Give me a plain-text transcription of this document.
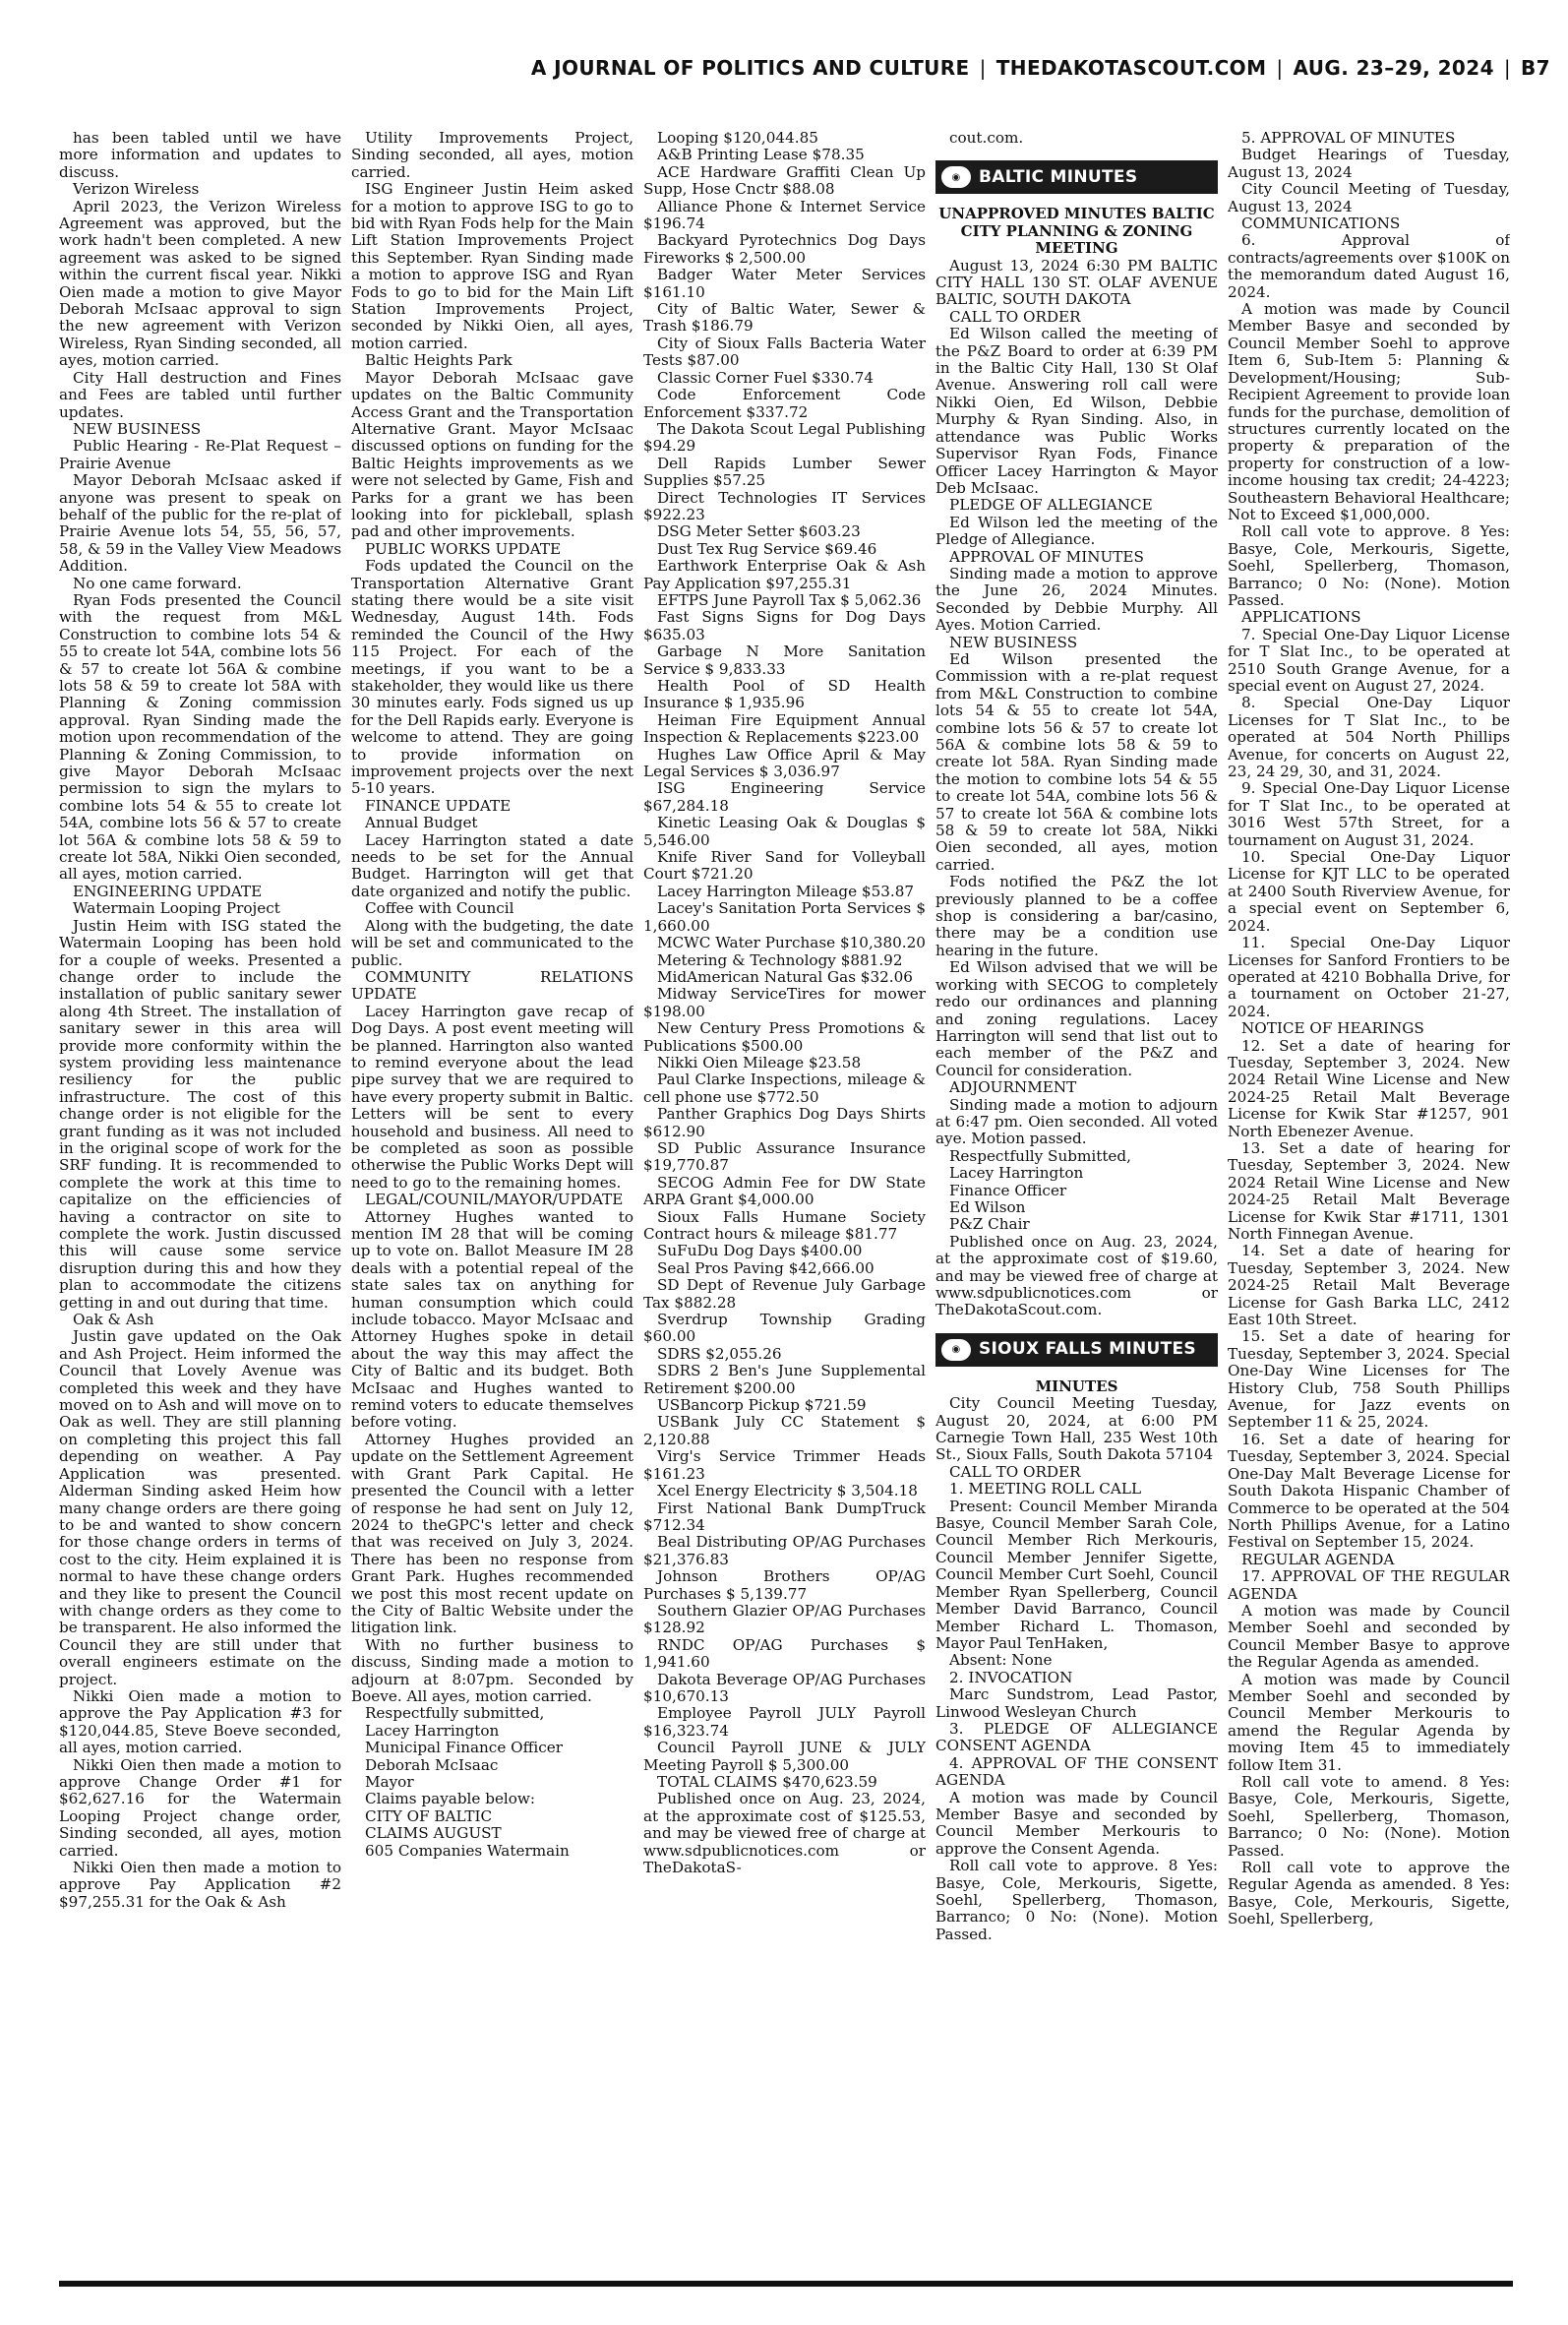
A JOURNAL OF POLITICS AND CULTURE | THEDAKOTASCOUT.COM | AUG. 23–29, 2024 | B7

has been tabled until we have more information and updates to discuss.

Verizon Wireless

April 2023, the Verizon Wireless Agreement was approved, but the work hadn't been completed. A new agreement was asked to be signed within the current fiscal year. Nikki Oien made a motion to give Mayor Deborah McIsaac approval to sign the new agreement with Verizon Wireless, Ryan Sinding seconded, all ayes, motion carried.

City Hall destruction and Fines and Fees are tabled until further updates.

NEW BUSINESS

Public Hearing - Re-Plat Request – Prairie Avenue

Mayor Deborah McIsaac asked if anyone was present to speak on behalf of the public for the re-plat of Prairie Avenue lots 54, 55, 56, 57, 58, & 59 in the Valley View Meadows Addition.

No one came forward.

Ryan Fods presented the Council with the request from M&L Construction to combine lots 54 & 55 to create lot 54A, combine lots 56 & 57 to create lot 56A & combine lots 58 & 59 to create lot 58A with Planning & Zoning commission approval. Ryan Sinding made the motion upon recommendation of the Planning & Zoning Commission, to give Mayor Deborah McIsaac permission to sign the mylars to combine lots 54 & 55 to create lot 54A, combine lots 56 & 57 to create lot 56A & combine lots 58 & 59 to create lot 58A, Nikki Oien seconded, all ayes, motion carried.

ENGINEERING UPDATE

Watermain Looping Project

Justin Heim with ISG stated the Watermain Looping has been hold for a couple of weeks. Presented a change order to include the installation of public sanitary sewer along 4th Street. The installation of sanitary sewer in this area will provide more conformity within the system providing less maintenance resiliency for the public infrastructure. The cost of this change order is not eligible for the grant funding as it was not included in the original scope of work for the SRF funding. It is recommended to complete the work at this time to capitalize on the efficiencies of having a contractor on site to complete the work. Justin discussed this will cause some service disruption during this and how they plan to accommodate the citizens getting in and out during that time.

Oak & Ash

Justin gave updated on the Oak and Ash Project. Heim informed the Council that Lovely Avenue was completed this week and they have moved on to Ash and will move on to Oak as well. They are still planning on completing this project this fall depending on weather. A Pay Application was presented. Alderman Sinding asked Heim how many change orders are there going to be and wanted to show concern for those change orders in terms of cost to the city. Heim explained it is normal to have these change orders and they like to present the Council with change orders as they come to be transparent. He also informed the Council they are still under that overall engineers estimate on the project.

Nikki Oien made a motion to approve the Pay Application #3 for $120,044.85, Steve Boeve seconded, all ayes, motion carried.

Nikki Oien then made a motion to approve Change Order #1 for $62,627.16 for the Watermain Looping Project change order, Sinding seconded, all ayes, motion carried.

Nikki Oien then made a motion to approve Pay Application #2 $97,255.31 for the Oak & Ash

Utility Improvements Project, Sinding seconded, all ayes, motion carried.

ISG Engineer Justin Heim asked for a motion to approve ISG to go to bid with Ryan Fods help for the Main Lift Station Improvements Project this September. Ryan Sinding made a motion to approve ISG and Ryan Fods to go to bid for the Main Lift Station Improvements Project, seconded by Nikki Oien, all ayes, motion carried.

Baltic Heights Park

Mayor Deborah McIsaac gave updates on the Baltic Community Access Grant and the Transportation Alternative Grant. Mayor McIsaac discussed options on funding for the Baltic Heights improvements as we were not selected by Game, Fish and Parks for a grant we has been looking into for pickleball, splash pad and other improvements.

PUBLIC WORKS UPDATE

Fods updated the Council on the Transportation Alternative Grant stating there would be a site visit Wednesday, August 14th. Fods reminded the Council of the Hwy 115 Project. For each of the meetings, if you want to be a stakeholder, they would like us there 30 minutes early. Fods signed us up for the Dell Rapids early. Everyone is welcome to attend. They are going to provide information on improvement projects over the next 5-10 years.

FINANCE UPDATE

Annual Budget

Lacey Harrington stated a date needs to be set for the Annual Budget. Harrington will get that date organized and notify the public.

Coffee with Council

Along with the budgeting, the date will be set and communicated to the public.

COMMUNITY RELATIONS UPDATE

Lacey Harrington gave recap of Dog Days. A post event meeting will be planned. Harrington also wanted to remind everyone about the lead pipe survey that we are required to have every property submit in Baltic. Letters will be sent to every household and business. All need to be completed as soon as possible otherwise the Public Works Dept will need to go to the remaining homes.

LEGAL/COUNIL/MAYOR/UPDATE

Attorney Hughes wanted to mention IM 28 that will be coming up to vote on. Ballot Measure IM 28 deals with a potential repeal of the state sales tax on anything for human consumption which could include tobacco. Mayor McIsaac and Attorney Hughes spoke in detail about the way this may affect the City of Baltic and its budget. Both McIsaac and Hughes wanted to remind voters to educate themselves before voting.

Attorney Hughes provided an update on the Settlement Agreement with Grant Park Capital. He presented the Council with a letter of response he had sent on July 12, 2024 to theGPC's letter and check that was received on July 3, 2024. There has been no response from Grant Park. Hughes recommended we post this most recent update on the City of Baltic Website under the litigation link.

With no further business to discuss, Sinding made a motion to adjourn at 8:07pm. Seconded by Boeve. All ayes, motion carried.

Respectfully submitted,

Lacey Harrington

Municipal Finance Officer

Deborah McIsaac

Mayor

Claims payable below:

CITY OF BALTIC

CLAIMS AUGUST

605 Companies Watermain

Looping $120,044.85

A&B Printing Lease $78.35

ACE Hardware Graffiti Clean Up Supp, Hose Cnctr $88.08

Alliance Phone & Internet Service $196.74

Backyard Pyrotechnics Dog Days Fireworks $ 2,500.00

Badger Water Meter Services $161.10

City of Baltic Water, Sewer & Trash $186.79

City of Sioux Falls Bacteria Water Tests $87.00

Classic Corner Fuel $330.74

Code Enforcement Code Enforcement $337.72

The Dakota Scout Legal Publishing $94.29

Dell Rapids Lumber Sewer Supplies $57.25

Direct Technologies IT Services $922.23

DSG Meter Setter $603.23

Dust Tex Rug Service $69.46

Earthwork Enterprise Oak & Ash Pay Application $97,255.31

EFTPS June Payroll Tax $ 5,062.36

Fast Signs Signs for Dog Days $635.03

Garbage N More Sanitation Service $ 9,833.33

Health Pool of SD Health Insurance $ 1,935.96

Heiman Fire Equipment Annual Inspection & Replacements $223.00

Hughes Law Office April & May Legal Services $ 3,036.97

ISG Engineering Service $67,284.18

Kinetic Leasing Oak & Douglas $ 5,546.00

Knife River Sand for Volleyball Court $721.20

Lacey Harrington Mileage $53.87

Lacey's Sanitation Porta Services $ 1,660.00

MCWC Water Purchase $10,380.20

Metering & Technology $881.92

MidAmerican Natural Gas $32.06

Midway ServiceTires for mower $198.00

New Century Press Promotions & Publications $500.00

Nikki Oien Mileage $23.58

Paul Clarke Inspections, mileage & cell phone use $772.50

Panther Graphics Dog Days Shirts $612.90

SD Public Assurance Insurance $19,770.87

SECOG Admin Fee for DW State ARPA Grant $4,000.00

Sioux Falls Humane Society Contract hours & mileage $81.77

SuFuDu Dog Days $400.00

Seal Pros Paving $42,666.00

SD Dept of Revenue July Garbage Tax $882.28

Sverdrup Township Grading $60.00

SDRS $2,055.26

SDRS 2 Ben's June Supplemental Retirement $200.00

USBancorp Pickup $721.59

USBank July CC Statement $ 2,120.88

Virg's Service Trimmer Heads $161.23

Xcel Energy Electricity $ 3,504.18

First National Bank DumpTruck $712.34

Beal Distributing OP/AG Purchases $21,376.83

Johnson Brothers OP/AG Purchases $ 5,139.77

Southern Glazier OP/AG Purchases $128.92

RNDC OP/AG Purchases $ 1,941.60

Dakota Beverage OP/AG Purchases $10,670.13

Employee Payroll JULY Payroll $16,323.74

Council Payroll JUNE & JULY Meeting Payroll $ 5,300.00

TOTAL CLAIMS $470,623.59

Published once on Aug. 23, 2024, at the approximate cost of $125.53, and may be viewed free of charge at www.sdpublicnotices.com or TheDakotaS-

cout.com.

◉	BALTIC MINUTES

UNAPPROVED MINUTES BALTIC CITY PLANNING & ZONING MEETING

August 13, 2024 6:30 PM BALTIC CITY HALL 130 ST. OLAF AVENUE BALTIC, SOUTH DAKOTA

CALL TO ORDER

Ed Wilson called the meeting of the P&Z Board to order at 6:39 PM in the Baltic City Hall, 130 St Olaf Avenue. Answering roll call were Nikki Oien, Ed Wilson, Debbie Murphy & Ryan Sinding. Also, in attendance was Public Works Supervisor Ryan Fods, Finance Officer Lacey Harrington & Mayor Deb McIsaac.

PLEDGE OF ALLEGIANCE

Ed Wilson led the meeting of the Pledge of Allegiance.

APPROVAL OF MINUTES

Sinding made a motion to approve the June 26, 2024 Minutes. Seconded by Debbie Murphy. All Ayes. Motion Carried.

NEW BUSINESS

Ed Wilson presented the Commission with a re-plat request from M&L Construction to combine lots 54 & 55 to create lot 54A, combine lots 56 & 57 to create lot 56A & combine lots 58 & 59 to create lot 58A. Ryan Sinding made the motion to combine lots 54 & 55 to create lot 54A, combine lots 56 & 57 to create lot 56A & combine lots 58 & 59 to create lot 58A, Nikki Oien seconded, all ayes, motion carried.

Fods notified the P&Z the lot previously planned to be a coffee shop is considering a bar/casino, there may be a condition use hearing in the future.

Ed Wilson advised that we will be working with SECOG to completely redo our ordinances and planning and zoning regulations. Lacey Harrington will send that list out to each member of the P&Z and Council for consideration.

ADJOURNMENT

Sinding made a motion to adjourn at 6:47 pm. Oien seconded. All voted aye. Motion passed.

Respectfully Submitted,

Lacey Harrington

Finance Officer

Ed Wilson

P&Z Chair

Published once on Aug. 23, 2024, at the approximate cost of $19.60, and may be viewed free of charge at www.sdpublicnotices.com or TheDakotaScout.com.

◉	SIOUX FALLS MINUTES

MINUTES

City Council Meeting Tuesday, August 20, 2024, at 6:00 PM Carnegie Town Hall, 235 West 10th St., Sioux Falls, South Dakota 57104

CALL TO ORDER

1. MEETING ROLL CALL

Present: Council Member Miranda Basye, Council Member Sarah Cole, Council Member Rich Merkouris, Council Member Jennifer Sigette, Council Member Curt Soehl, Council Member Ryan Spellerberg, Council Member David Barranco, Council Member Richard L. Thomason, Mayor Paul TenHaken,

Absent: None

2. INVOCATION

Marc Sundstrom, Lead Pastor, Linwood Wesleyan Church

3. PLEDGE OF ALLEGIANCE CONSENT AGENDA

4. APPROVAL OF THE CONSENT AGENDA

A motion was made by Council Member Basye and seconded by Council Member Merkouris to approve the Consent Agenda.

Roll call vote to approve. 8 Yes: Basye, Cole, Merkouris, Sigette, Soehl, Spellerberg, Thomason, Barranco; 0 No: (None). Motion Passed.

5. APPROVAL OF MINUTES

Budget Hearings of Tuesday, August 13, 2024

City Council Meeting of Tuesday, August 13, 2024

COMMUNICATIONS

6. Approval of contracts/agreements over $100K on the memorandum dated August 16, 2024.

A motion was made by Council Member Basye and seconded by Council Member Soehl to approve Item 6, Sub-Item 5: Planning & Development/Housing; Sub-Recipient Agreement to provide loan funds for the purchase, demolition of structures currently located on the property & preparation of the property for construction of a low-income housing tax credit; 24-4223; Southeastern Behavioral Healthcare; Not to Exceed $1,000,000.

Roll call vote to approve. 8 Yes: Basye, Cole, Merkouris, Sigette, Soehl, Spellerberg, Thomason, Barranco; 0 No: (None). Motion Passed.

APPLICATIONS

7. Special One-Day Liquor License for T Slat Inc., to be operated at 2510 South Grange Avenue, for a special event on August 27, 2024.

8. Special One-Day Liquor Licenses for T Slat Inc., to be operated at 504 North Phillips Avenue, for concerts on August 22, 23, 24 29, 30, and 31, 2024.

9. Special One-Day Liquor License for T Slat Inc., to be operated at 3016 West 57th Street, for a tournament on August 31, 2024.

10. Special One-Day Liquor License for KJT LLC to be operated at 2400 South Riverview Avenue, for a special event on September 6, 2024.

11. Special One-Day Liquor Licenses for Sanford Frontiers to be operated at 4210 Bobhalla Drive, for a tournament on October 21-27, 2024.

NOTICE OF HEARINGS

12. Set a date of hearing for Tuesday, September 3, 2024. New 2024 Retail Wine License and New 2024-25 Retail Malt Beverage License for Kwik Star #1257, 901 North Ebenezer Avenue.

13. Set a date of hearing for Tuesday, September 3, 2024. New 2024 Retail Wine License and New 2024-25 Retail Malt Beverage License for Kwik Star #1711, 1301 North Finnegan Avenue.

14. Set a date of hearing for Tuesday, September 3, 2024. New 2024-25 Retail Malt Beverage License for Gash Barka LLC, 2412 East 10th Street.

15. Set a date of hearing for Tuesday, September 3, 2024. Special One-Day Wine Licenses for The History Club, 758 South Phillips Avenue, for Jazz events on September 11 & 25, 2024.

16. Set a date of hearing for Tuesday, September 3, 2024. Special One-Day Malt Beverage License for South Dakota Hispanic Chamber of Commerce to be operated at the 504 North Phillips Avenue, for a Latino Festival on September 15, 2024.

REGULAR AGENDA

17. APPROVAL OF THE REGULAR AGENDA

A motion was made by Council Member Soehl and seconded by Council Member Basye to approve the Regular Agenda as amended.

A motion was made by Council Member Soehl and seconded by Council Member Merkouris to amend the Regular Agenda by moving Item 45 to immediately follow Item 31.

Roll call vote to amend. 8 Yes: Basye, Cole, Merkouris, Sigette, Soehl, Spellerberg, Thomason, Barranco; 0 No: (None). Motion Passed.

Roll call vote to approve the Regular Agenda as amended. 8 Yes: Basye, Cole, Merkouris, Sigette, Soehl, Spellerberg,
